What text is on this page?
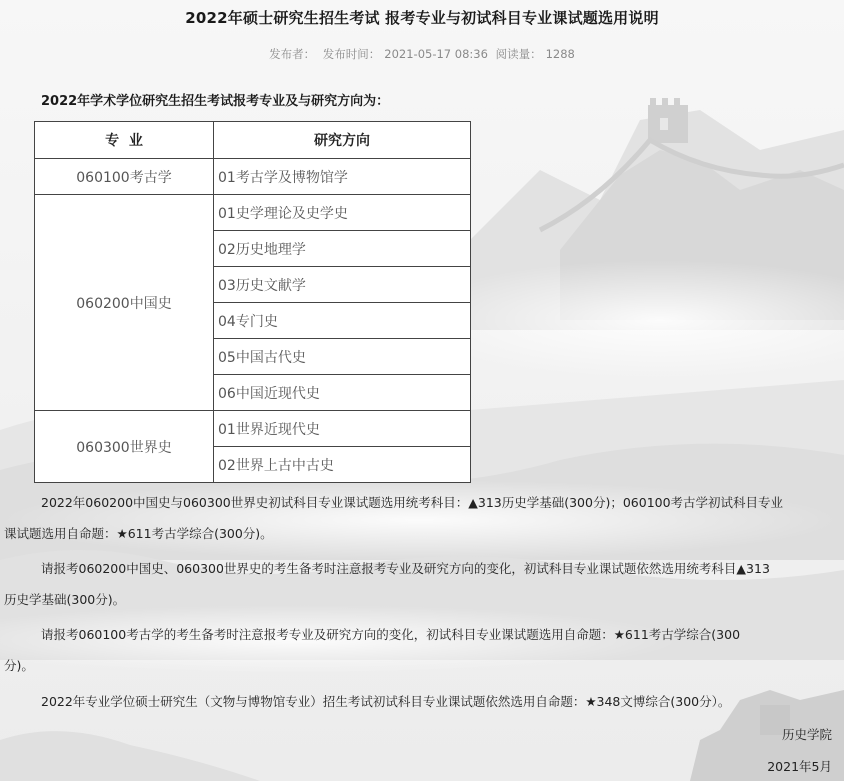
2022年硕士研究生招生考试 报考专业与初试科目专业课试题选用说明
发布者： 发布时间： 2021-05-17 08:36 阅读量： 1288
2022年学术学位研究生招生考试报考专业及与研究方向为：
专  业	研究方向
060100考古学	01考古学及博物馆学
060200中国史	01史学理论及史学史
	02历史地理学
	03历史文献学
	04专门史
	05中国古代史
	06中国近现代史
060300世界史	01世界近现代史
	02世界上古中古史
2022年060200中国史与060300世界史初试科目专业课试题选用统考科目：▲313历史学基础(300分)；060100考古学初试科目专业
课试题选用自命题：★611考古学综合(300分)。
请报考060200中国史、060300世界史的考生备考时注意报考专业及研究方向的变化，初试科目专业课试题依然选用统考科目▲313
历史学基础(300分)。
请报考060100考古学的考生备考时注意报考专业及研究方向的变化，初试科目专业课试题选用自命题：★611考古学综合(300
分)。
2022年专业学位硕士研究生（文物与博物馆专业）招生考试初试科目专业课试题依然选用自命题：★348文博综合(300分）。
历史学院
2021年5月
